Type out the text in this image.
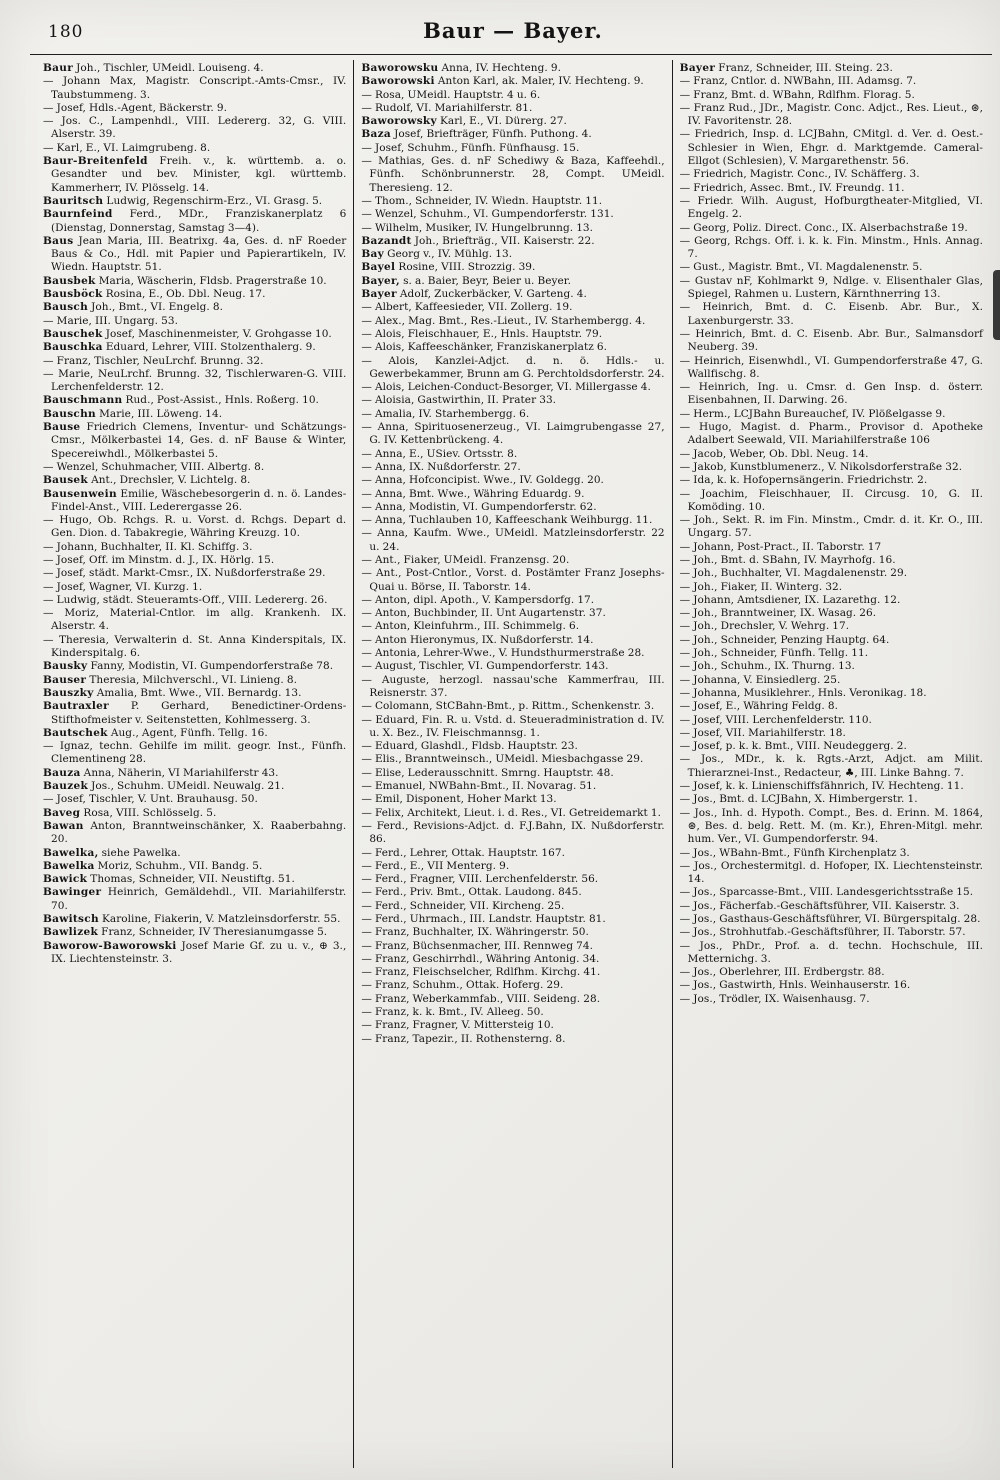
180	Baur — Bayer.

Baur Joh., Tischler, UMeidl. Louiseng. 4.

— Johann Max, Magistr. Conscript.-Amts-Cmsr., IV. Taubstummeng. 3.

— Josef, Hdls.-Agent, Bäckerstr. 9.

— Jos. C., Lampenhdl., VIII. Ledererg. 32, G. VIII. Alserstr. 39.

— Karl, E., VI. Laimgrubeng. 8.

Baur-Breitenfeld Freih. v., k. württemb. a. o. Gesandter und bev. Minister, kgl. württemb. Kammerherr, IV. Plösselg. 14.

Bauritsch Ludwig, Regenschirm-Erz., VI. Grasg. 5.

Baurnfeind Ferd., MDr., Franziskanerplatz 6 (Dienstag, Donnerstag, Samstag 3—4).

Baus Jean Maria, III. Beatrixg. 4a, Ges. d. nF Roeder Baus & Co., Hdl. mit Papier und Papierartikeln, IV. Wiedn. Hauptstr. 51.

Bausbek Maria, Wäscherin, Fldsb. Pragerstraße 10.

Bausböck Rosina, E., Ob. Dbl. Neug. 17.

Bausch Joh., Bmt., VI. Engelg. 8.

— Marie, III. Ungarg. 53.

Bauschek Josef, Maschinenmeister, V. Grohgasse 10.

Bauschka Eduard, Lehrer, VIII. Stolzenthalerg. 9.

— Franz, Tischler, NeuLrchf. Brunng. 32.

— Marie, NeuLrchf. Brunng. 32, Tischlerwaren-G. VIII. Lerchenfelderstr. 12.

Bauschmann Rud., Post-Assist., Hnls. Roßerg. 10.

Bauschn Marie, III. Löweng. 14.

Bause Friedrich Clemens, Inventur- und Schätzungs-Cmsr., Mölkerbastei 14, Ges. d. nF Bause & Winter, Specereiwhdl., Mölkerbastei 5.

— Wenzel, Schuhmacher, VIII. Albertg. 8.

Bausek Ant., Drechsler, V. Lichtelg. 8.

Bausenwein Emilie, Wäschebesorgerin d. n. ö. Landes-Findel-Anst., VIII. Lederergasse 26.

— Hugo, Ob. Rchgs. R. u. Vorst. d. Rchgs. Depart d. Gen. Dion. d. Tabakregie, Währing Kreuzg. 10.

— Johann, Buchhalter, II. Kl. Schiffg. 3.

— Josef, Off. im Minstm. d. J., IX. Hörlg. 15.

— Josef, städt. Markt-Cmsr., IX. Nußdorferstraße 29.

— Josef, Wagner, VI. Kurzg. 1.

— Ludwig, städt. Steueramts-Off., VIII. Ledererg. 26.

— Moriz, Material-Cntlor. im allg. Krankenh. IX. Alserstr. 4.

— Theresia, Verwalterin d. St. Anna Kinderspitals, IX. Kinderspitalg. 6.

Bausky Fanny, Modistin, VI. Gumpendorferstraße 78.

Bauser Theresia, Milchverschl., VI. Linieng. 8.

Bauszky Amalia, Bmt. Wwe., VII. Bernardg. 13.

Bautraxler P. Gerhard, Benedictiner-Ordens-Stifthofmeister v. Seitenstetten, Kohlmesserg. 3.

Bautschek Aug., Agent, Fünfh. Tellg. 16.

— Ignaz, techn. Gehilfe im milit. geogr. Inst., Fünfh. Clementineng 28.

Bauza Anna, Näherin, VI Mariahilferstr 43.

Bauzek Jos., Schuhm. UMeidl. Neuwalg. 21.

— Josef, Tischler, V. Unt. Brauhausg. 50.

Baveg Rosa, VIII. Schlösselg. 5.

Bawan Anton, Branntweinschänker, X. Raaberbahng. 20.

Bawelka, siehe Pawelka.

Bawelka Moriz, Schuhm., VII. Bandg. 5.

Bawick Thomas, Schneider, VII. Neustiftg. 51.

Bawinger Heinrich, Gemäldehdl., VII. Mariahilferstr. 70.

Bawitsch Karoline, Fiakerin, V. Matzleinsdorferstr. 55.

Bawlizek Franz, Schneider, IV Theresianumgasse 5.

Baworow-Baworowski Josef Marie Gf. zu u. v., ⊕ 3., IX. Liechtensteinstr. 3.

Baworowsku Anna, IV. Hechteng. 9.

Baworowski Anton Karl, ak. Maler, IV. Hechteng. 9.

— Rosa, UMeidl. Hauptstr. 4 u. 6.

— Rudolf, VI. Mariahilferstr. 81.

Baworowsky Karl, E., VI. Dürerg. 27.

Baza Josef, Briefträger, Fünfh. Puthong. 4.

— Josef, Schuhm., Fünfh. Fünfhausg. 15.

— Mathias, Ges. d. nF Schediwy & Baza, Kaffeehdl., Fünfh. Schönbrunnerstr. 28, Compt. UMeidl. Theresieng. 12.

— Thom., Schneider, IV. Wiedn. Hauptstr. 11.

— Wenzel, Schuhm., VI. Gumpendorferstr. 131.

— Wilhelm, Musiker, IV. Hungelbrunng. 13.

Bazandt Joh., Briefträg., VII. Kaiserstr. 22.

Bay Georg v., IV. Mühlg. 13.

Bayel Rosine, VIII. Strozzig. 39.

Bayer, s. a. Baier, Beyr, Beier u. Beyer.

Bayer Adolf, Zuckerbäcker, V. Garteng. 4.

— Albert, Kaffeesieder, VII. Zollerg. 19.

— Alex., Mag. Bmt., Res.-Lieut., IV. Starhembergg. 4.

— Alois, Fleischhauer, E., Hnls. Hauptstr. 79.

— Alois, Kaffeeschänker, Franziskanerplatz 6.

— Alois, Kanzlei-Adjct. d. n. ö. Hdls.- u. Gewerbekammer, Brunn am G. Perchtoldsdorferstr. 24.

— Alois, Leichen-Conduct-Besorger, VI. Millergasse 4.

— Aloisia, Gastwirthin, II. Prater 33.

— Amalia, IV. Starhembergg. 6.

— Anna, Spirituosenerzeug., VI. Laimgrubengasse 27, G. IV. Kettenbrückeng. 4.

— Anna, E., USiev. Ortsstr. 8.

— Anna, IX. Nußdorferstr. 27.

— Anna, Hofconcipist. Wwe., IV. Goldegg. 20.

— Anna, Bmt. Wwe., Währing Eduardg. 9.

— Anna, Modistin, VI. Gumpendorferstr. 62.

— Anna, Tuchlauben 10, Kaffeeschank Weihburgg. 11.

— Anna, Kaufm. Wwe., UMeidl. Matzleinsdorferstr. 22 u. 24.

— Ant., Fiaker, UMeidl. Franzensg. 20.

— Ant., Post-Cntlor., Vorst. d. Postämter Franz Josephs-Quai u. Börse, II. Taborstr. 14.

— Anton, dipl. Apoth., V. Kampersdorfg. 17.

— Anton, Buchbinder, II. Unt Augartenstr. 37.

— Anton, Kleinfuhrm., III. Schimmelg. 6.

— Anton Hieronymus, IX. Nußdorferstr. 14.

— Antonia, Lehrer-Wwe., V. Hundsthurmerstraße 28.

— August, Tischler, VI. Gumpendorferstr. 143.

— Auguste, herzogl. nassau'sche Kammerfrau, III. Reisnerstr. 37.

— Colomann, StCBahn-Bmt., p. Rittm., Schenkenstr. 3.

— Eduard, Fin. R. u. Vstd. d. Steueradministration d. IV. u. X. Bez., IV. Fleischmannsg. 1.

— Eduard, Glashdl., Fldsb. Hauptstr. 23.

— Elis., Branntweinsch., UMeidl. Miesbachgasse 29.

— Elise, Lederausschnitt. Smrng. Hauptstr. 48.

— Emanuel, NWBahn-Bmt., II. Novarag. 51.

— Emil, Disponent, Hoher Markt 13.

— Felix, Architekt, Lieut. i. d. Res., VI. Getreidemarkt 1.

— Ferd., Revisions-Adjct. d. F.J.Bahn, IX. Nußdorferstr. 86.

— Ferd., Lehrer, Ottak. Hauptstr. 167.

— Ferd., E., VII Menterg. 9.

— Ferd., Fragner, VIII. Lerchenfelderstr. 56.

— Ferd., Priv. Bmt., Ottak. Laudong. 845.

— Ferd., Schneider, VII. Kircheng. 25.

— Ferd., Uhrmach., III. Landstr. Hauptstr. 81.

— Franz, Buchhalter, IX. Währingerstr. 50.

— Franz, Büchsenmacher, III. Rennweg 74.

— Franz, Geschirrhdl., Währing Antonig. 34.

— Franz, Fleischselcher, Rdlfhm. Kirchg. 41.

— Franz, Schuhm., Ottak. Hoferg. 29.

— Franz, Weberkammfab., VIII. Seideng. 28.

— Franz, k. k. Bmt., IV. Alleeg. 50.

— Franz, Fragner, V. Mittersteig 10.

— Franz, Tapezir., II. Rothensterng. 8.

Bayer Franz, Schneider, III. Steing. 23.

— Franz, Cntlor. d. NWBahn, III. Adamsg. 7.

— Franz, Bmt. d. WBahn, Rdlfhm. Florag. 5.

— Franz Rud., JDr., Magistr. Conc. Adjct., Res. Lieut., ⊛, IV. Favoritenstr. 28.

— Friedrich, Insp. d. LCJBahn, CMitgl. d. Ver. d. Oest.-Schlesier in Wien, Ehgr. d. Marktgemde. Cameral-Ellgot (Schlesien), V. Margarethenstr. 56.

— Friedrich, Magistr. Conc., IV. Schäfferg. 3.

— Friedrich, Assec. Bmt., IV. Freundg. 11.

— Friedr. Wilh. August, Hofburgtheater-Mitglied, VI. Engelg. 2.

— Georg, Poliz. Direct. Conc., IX. Alserbachstraße 19.

— Georg, Rchgs. Off. i. k. k. Fin. Minstm., Hnls. Annag. 7.

— Gust., Magistr. Bmt., VI. Magdalenenstr. 5.

— Gustav nF, Kohlmarkt 9, Ndlge. v. Elisenthaler Glas, Spiegel, Rahmen u. Lustern, Kärnthnerring 13.

— Heinrich, Bmt. d. C. Eisenb. Abr. Bur., X. Laxenburgerstr. 33.

— Heinrich, Bmt. d. C. Eisenb. Abr. Bur., Salmansdorf Neuberg. 39.

— Heinrich, Eisenwhdl., VI. Gumpendorferstraße 47, G. Wallfischg. 8.

— Heinrich, Ing. u. Cmsr. d. Gen Insp. d. österr. Eisenbahnen, II. Darwing. 26.

— Herm., LCJBahn Bureauchef, IV. Plößelgasse 9.

— Hugo, Magist. d. Pharm., Provisor d. Apotheke Adalbert Seewald, VII. Mariahilferstraße 106

— Jacob, Weber, Ob. Dbl. Neug. 14.

— Jakob, Kunstblumenerz., V. Nikolsdorferstraße 32.

— Ida, k. k. Hofopernsängerin. Friedrichstr. 2.

— Joachim, Fleischhauer, II. Circusg. 10, G. II. Komöding. 10.

— Joh., Sekt. R. im Fin. Minstm., Cmdr. d. it. Kr. O., III. Ungarg. 57.

— Johann, Post-Pract., II. Taborstr. 17

— Joh., Bmt. d. SBahn, IV. Mayrhofg. 16.

— Joh., Buchhalter, VI. Magdalenenstr. 29.

— Joh., Fiaker, II. Winterg. 32.

— Johann, Amtsdiener, IX. Lazarethg. 12.

— Joh., Branntweiner, IX. Wasag. 26.

— Joh., Drechsler, V. Wehrg. 17.

— Joh., Schneider, Penzing Hauptg. 64.

— Joh., Schneider, Fünfh. Tellg. 11.

— Joh., Schuhm., IX. Thurng. 13.

— Johanna, V. Einsiedlerg. 25.

— Johanna, Musiklehrer., Hnls. Veronikag. 18.

— Josef, E., Währing Feldg. 8.

— Josef, VIII. Lerchenfelderstr. 110.

— Josef, VII. Mariahilferstr. 18.

— Josef, p. k. k. Bmt., VIII. Neudeggerg. 2.

— Jos., MDr., k. k. Rgts.-Arzt, Adjct. am Milit. Thierarznei-Inst., Redacteur, ♣, III. Linke Bahng. 7.

— Josef, k. k. Linienschiffsfähnrich, IV. Hechteng. 11.

— Jos., Bmt. d. LCJBahn, X. Himbergerstr. 1.

— Jos., Inh. d. Hypoth. Compt., Bes. d. Erinn. M. 1864, ⊛, Bes. d. belg. Rett. M. (m. Kr.), Ehren-Mitgl. mehr. hum. Ver., VI. Gumpendorferstr. 94.

— Jos., WBahn-Bmt., Fünfh Kirchenplatz 3.

— Jos., Orchestermitgl. d. Hofoper, IX. Liechtensteinstr. 14.

— Jos., Sparcasse-Bmt., VIII. Landesgerichtsstraße 15.

— Jos., Fächerfab.-Geschäftsführer, VII. Kaiserstr. 3.

— Jos., Gasthaus-Geschäftsführer, VI. Bürgerspitalg. 28.

— Jos., Strohhutfab.-Geschäftsführer, II. Taborstr. 57.

— Jos., PhDr., Prof. a. d. techn. Hochschule, III. Metternichg. 3.

— Jos., Oberlehrer, III. Erdbergstr. 88.

— Jos., Gastwirth, Hnls. Weinhauserstr. 16.

— Jos., Trödler, IX. Waisenhausg. 7.
